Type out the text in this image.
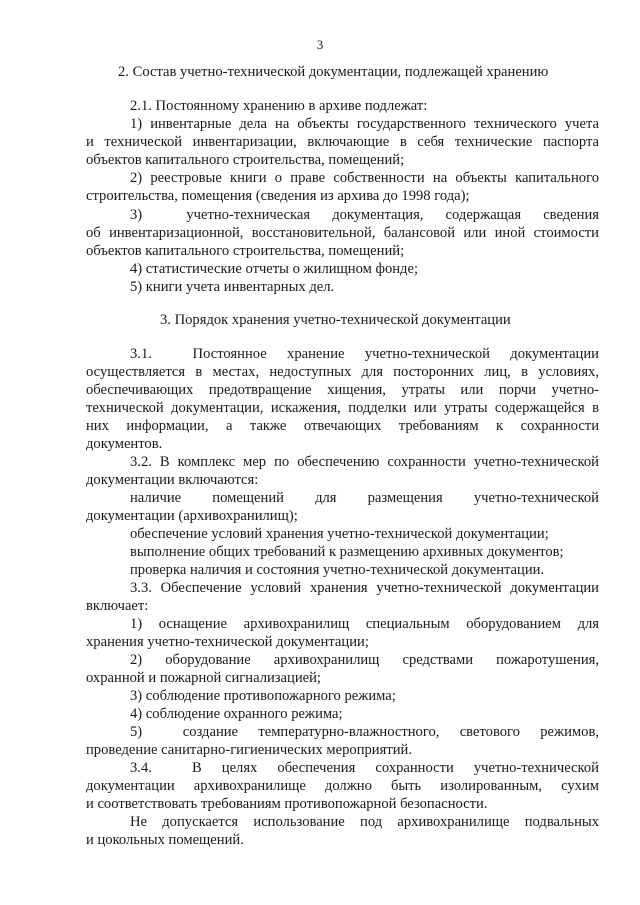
3
2. Состав учетно-технической документации, подлежащей хранению
2.1. Постоянному хранению в архиве подлежат:
1) инвентарные дела на объекты государственного технического учета
и технической инвентаризации, включающие в себя технические паспорта
объектов капитального строительства, помещений;
2) реестровые книги о праве собственности на объекты капитального
строительства, помещения (сведения из архива до 1998 года);
3)  учетно-техническая документация, содержащая сведения
об инвентаризационной, восстановительной, балансовой или иной стоимости
объектов капитального строительства, помещений;
4) статистические отчеты о жилищном фонде;
5) книги учета инвентарных дел.
3. Порядок хранения учетно-технической документации
3.1.  Постоянное хранение учетно-технической документации
осуществляется в местах, недоступных для посторонних лиц, в условиях,
обеспечивающих предотвращение хищения, утраты или порчи учетно-
технической документации, искажения, подделки или утраты содержащейся в
них информации, а также отвечающих требованиям к сохранности
документов.
3.2. В комплекс мер по обеспечению сохранности учетно-технической
документации включаются:
наличие помещений для размещения учетно-технической
документации (архивохранилищ);
обеспечение условий хранения учетно-технической документации;
выполнение общих требований к размещению архивных документов;
проверка наличия и состояния учетно-технической документации.
3.3. Обеспечение условий хранения учетно-технической документации
включает:
1) оснащение архивохранилищ специальным оборудованием для
хранения учетно-технической документации;
2) оборудование архивохранилищ средствами пожаротушения,
охранной и пожарной сигнализацией;
3) соблюдение противопожарного режима;
4) соблюдение охранного режима;
5)  создание температурно-влажностного, светового режимов,
проведение санитарно-гигиенических мероприятий.
3.4.  В целях обеспечения сохранности учетно-технической
документации архивохранилище должно быть изолированным, сухим
и соответствовать требованиям противопожарной безопасности.
Не допускается использование под архивохранилище подвальных
и цокольных помещений.
